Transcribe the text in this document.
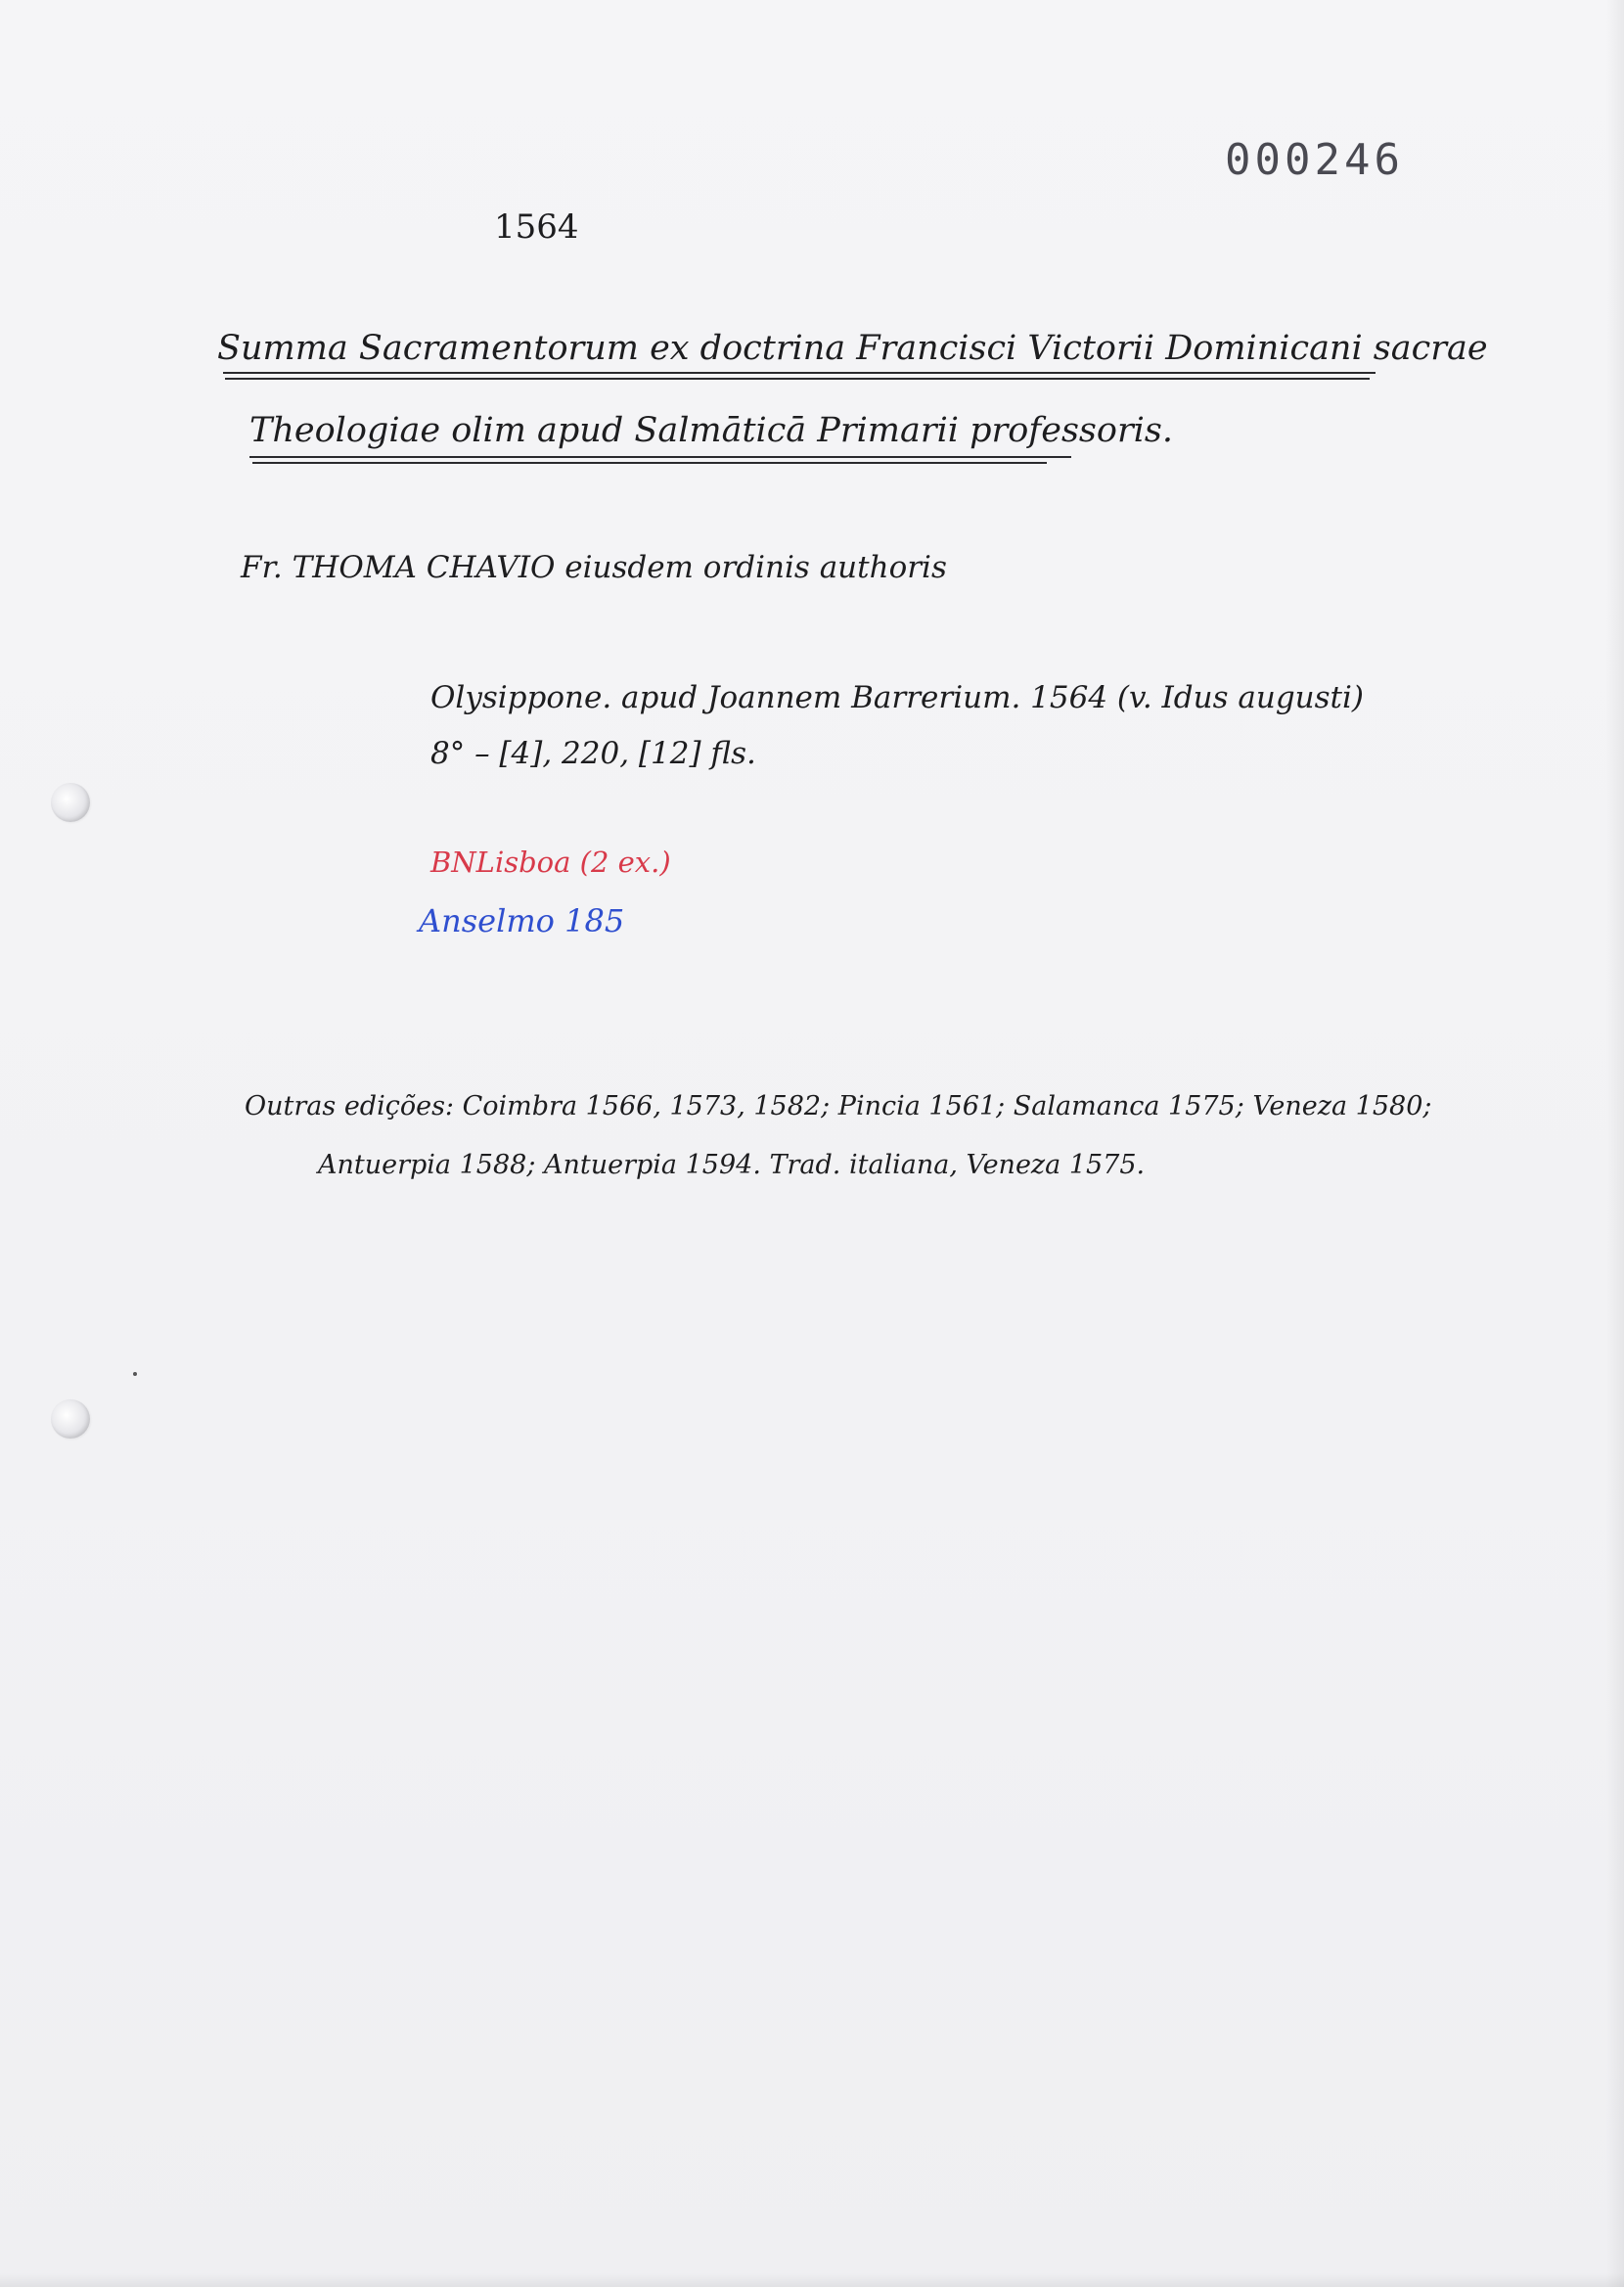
000246
1564
Summa Sacramentorum ex doctrina Francisci Victorii Dominicani sacrae
Theologiae olim apud Salmāticā Primarii professoris.
Fr. THOMA CHAVIO eiusdem ordinis authoris
Olysippone. apud Joannem Barrerium. 1564 (v. Idus augusti)
8° – [4], 220, [12] fls.
BNLisboa (2 ex.)
Anselmo 185
Outras edições: Coimbra 1566, 1573, 1582; Pincia 1561; Salamanca 1575; Veneza 1580;
Antuerpia 1588; Antuerpia 1594. Trad. italiana, Veneza 1575.
